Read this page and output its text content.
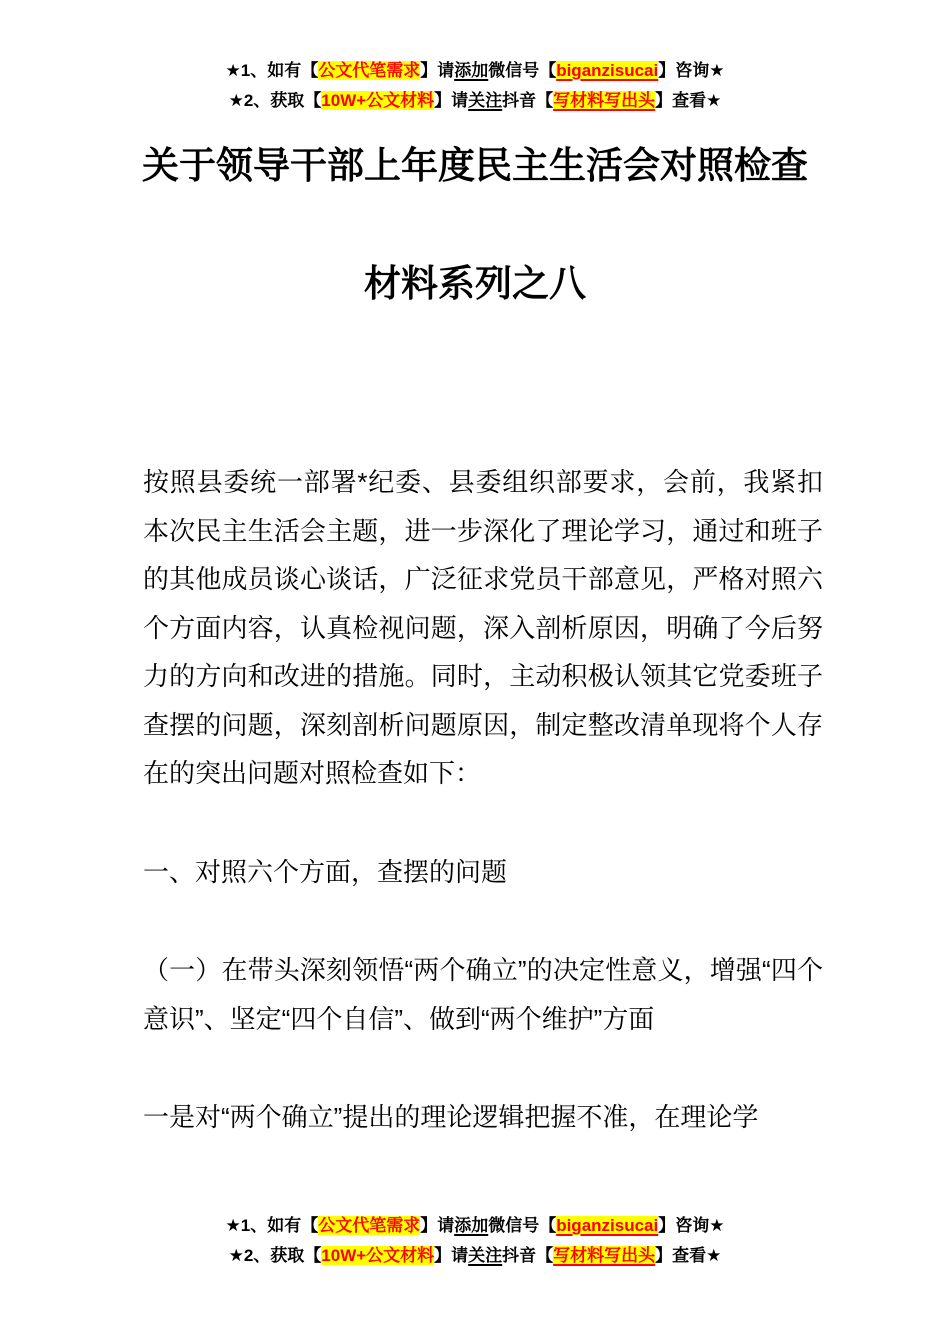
★1、如有【公文代笔需求】请添加微信号【biganzisucai】咨询★
★2、获取【10W+公文材料】请关注抖音【写材料写出头】查看★
关于领导干部上年度民主生活会对照检查
材料系列之八

按照县委统一部署*纪委、县委组织部要求，会前，我紧扣本次民主生活会主题，进一步深化了理论学习，通过和班子的其他成员谈心谈话，广泛征求党员干部意见，严格对照六个方面内容，认真检视问题，深入剖析原因，明确了今后努力的方向和改进的措施。同时，主动积极认领其它党委班子查摆的问题，深刻剖析问题原因，制定整改清单现将个人存在的突出问题对照检查如下：

一、对照六个方面，查摆的问题

（一）在带头深刻领悟“两个确立”的决定性意义，增强“四个意识”、坚定“四个自信”、做到“两个维护”方面

一是对“两个确立”提出的理论逻辑把握不准，在理论学

★1、如有【公文代笔需求】请添加微信号【biganzisucai】咨询★
★2、获取【10W+公文材料】请关注抖音【写材料写出头】查看★
